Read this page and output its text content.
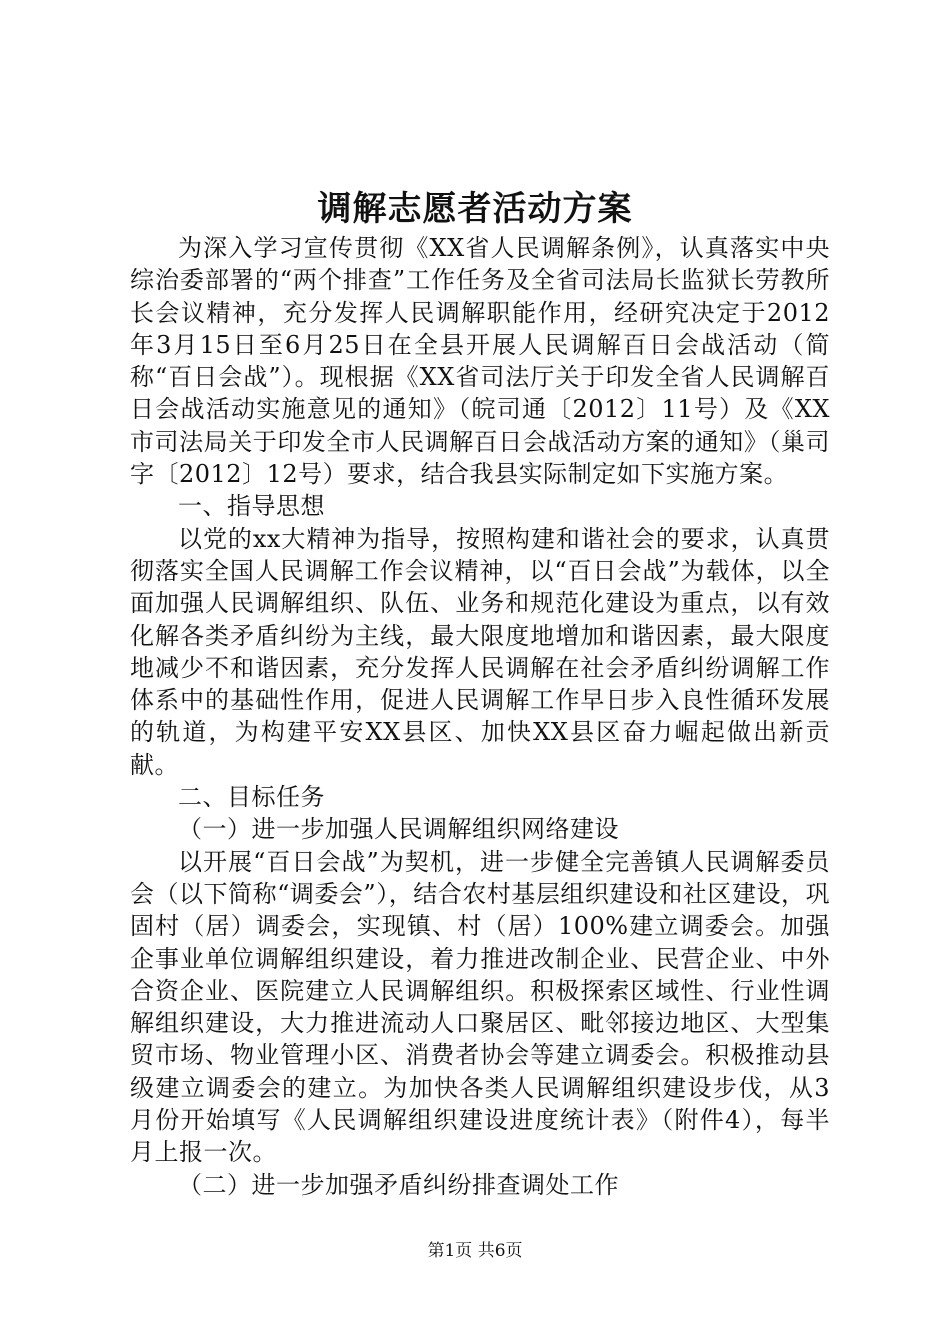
调解志愿者活动方案

为深入学习宣传贯彻《XX省人民调解条例》，认真落实中央综治委部署的“两个排查”工作任务及全省司法局长监狱长劳教所长会议精神，充分发挥人民调解职能作用，经研究决定于2012年3月15日至6月25日在全县开展人民调解百日会战活动（简称“百日会战”）。现根据《XX省司法厅关于印发全省人民调解百日会战活动实施意见的通知》（皖司通〔2012〕11号）及《XX市司法局关于印发全市人民调解百日会战活动方案的通知》（巢司字〔2012〕12号）要求，结合我县实际制定如下实施方案。

一、指导思想

以党的xx大精神为指导，按照构建和谐社会的要求，认真贯彻落实全国人民调解工作会议精神，以“百日会战”为载体，以全面加强人民调解组织、队伍、业务和规范化建设为重点，以有效化解各类矛盾纠纷为主线，最大限度地增加和谐因素，最大限度地减少不和谐因素，充分发挥人民调解在社会矛盾纠纷调解工作体系中的基础性作用，促进人民调解工作早日步入良性循环发展的轨道，为构建平安XX县区、加快XX县区奋力崛起做出新贡献。

二、目标任务

（一）进一步加强人民调解组织网络建设

以开展“百日会战”为契机，进一步健全完善镇人民调解委员会（以下简称“调委会”），结合农村基层组织建设和社区建设，巩固村（居）调委会，实现镇、村（居）100%建立调委会。加强企事业单位调解组织建设，着力推进改制企业、民营企业、中外合资企业、医院建立人民调解组织。积极探索区域性、行业性调解组织建设，大力推进流动人口聚居区、毗邻接边地区、大型集贸市场、物业管理小区、消费者协会等建立调委会。积极推动县级建立调委会的建立。为加快各类人民调解组织建设步伐，从3月份开始填写《人民调解组织建设进度统计表》（附件4），每半月上报一次。

（二）进一步加强矛盾纠纷排查调处工作

第1页 共6页
